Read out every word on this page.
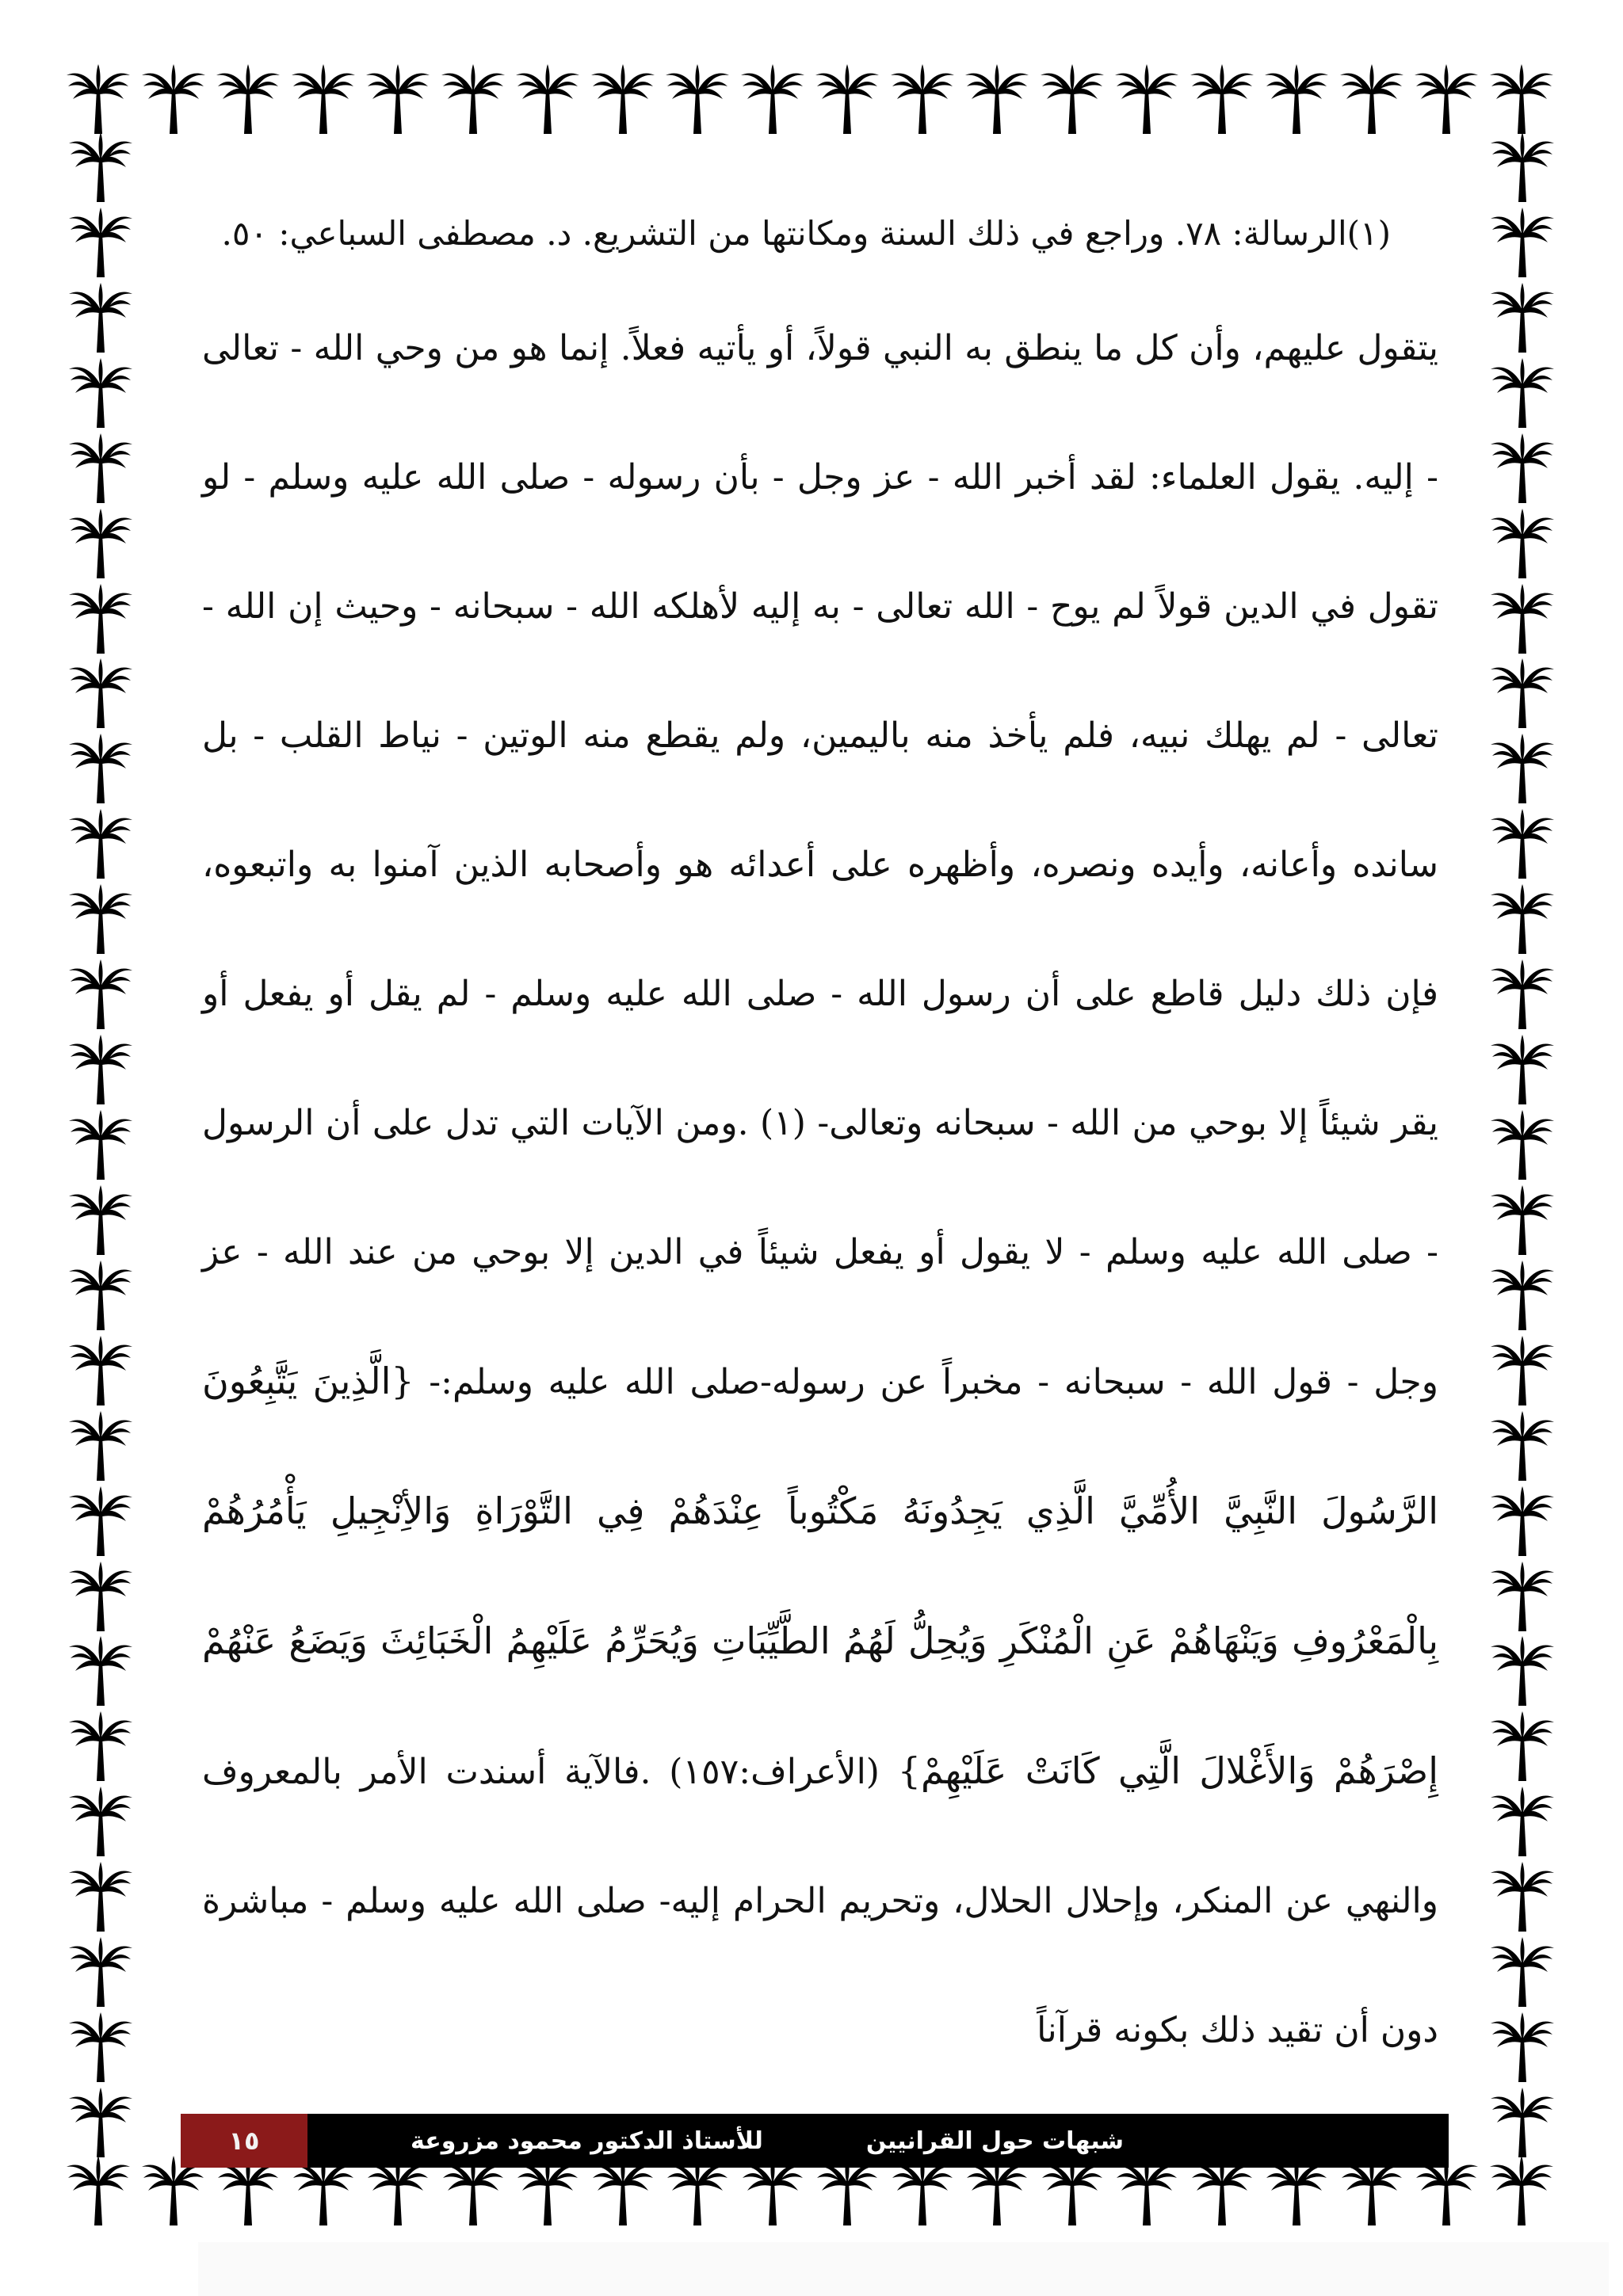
(١)الرسالة: ٧٨. وراجع في ذلك السنة ومكانتها من التشريع. د. مصطفى السباعي: ٥٠.

يتقول عليهم، وأن كل ما ينطق به النبي قولاً، أو يأتيه فعلاً. إنما هو من وحي الله - تعالى - إليه. يقول العلماء: لقد أخبر الله - عز وجل - بأن رسوله - صلى الله عليه وسلم - لو تقول في الدين قولاً لم يوح - الله تعالى - به إليه لأهلكه الله - سبحانه - وحيث إن الله - تعالى - لم يهلك نبيه، فلم يأخذ منه باليمين، ولم يقطع منه الوتين - نياط القلب - بل سانده وأعانه، وأيده ونصره، وأظهره على أعدائه هو وأصحابه الذين آمنوا به واتبعوه، فإن ذلك دليل قاطع على أن رسول الله - صلى الله عليه وسلم - لم يقل أو يفعل أو يقر شيئاً إلا بوحي من الله - سبحانه وتعالى- (١) .ومن الآيات التي تدل على أن الرسول - صلى الله عليه وسلم - لا يقول أو يفعل شيئاً في الدين إلا بوحي من عند الله - عز وجل - قول الله - سبحانه - مخبراً عن رسوله-صلى الله عليه وسلم:- {الَّذِينَ يَتَّبِعُونَ الرَّسُولَ النَّبِيَّ الأُمِّيَّ الَّذِي يَجِدُونَهُ مَكْتُوباً عِنْدَهُمْ فِي التَّوْرَاةِ وَالأِنْجِيلِ يَأْمُرُهُمْ بِالْمَعْرُوفِ وَيَنْهَاهُمْ عَنِ الْمُنْكَرِ وَيُحِلُّ لَهُمُ الطَّيِّبَاتِ وَيُحَرِّمُ عَلَيْهِمُ الْخَبَائِثَ وَيَضَعُ عَنْهُمْ إِصْرَهُمْ وَالأَغْلالَ الَّتِي كَانَتْ عَلَيْهِمْ} (الأعراف:١٥٧) .فالآية أسندت الأمر بالمعروف والنهي عن المنكر، وإحلال الحلال، وتحريم الحرام إليه- صلى الله عليه وسلم - مباشرة دون أن تقيد ذلك بكونه قرآناً

شبهات حول القرانيين
للأستاذ الدكتور محمود مزروعة
١٥
